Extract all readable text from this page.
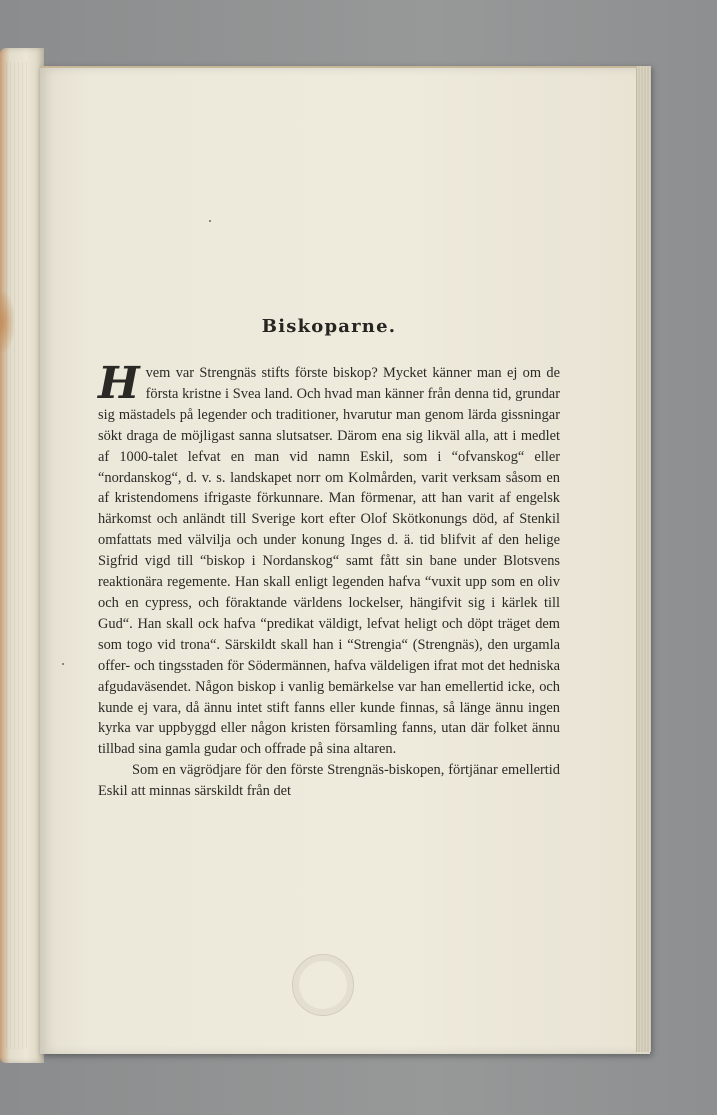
Biskoparne.

Hvem var Strengnäs stifts förste biskop? Mycket känner man ej om de första kristne i Svea land. Och hvad man känner från denna tid, grundar sig mästadels på legender och traditioner, hvarutur man genom lärda gissningar sökt draga de möjligast sanna slutsatser. Därom ena sig likväl alla, att i medlet af 1000-talet lefvat en man vid namn Eskil, som i “ofvanskog“ eller “nordanskog“, d. v. s. landskapet norr om Kolmården, varit verksam såsom en af kristendomens ifrigaste förkunnare. Man förmenar, att han varit af engelsk härkomst och anländt till Sverige kort efter Olof Skötkonungs död, af Stenkil omfattats med välvilja och under konung Inges d. ä. tid blifvit af den helige Sigfrid vigd till “biskop i Nordanskog“ samt fått sin bane under Blotsvens reaktionära regemente. Han skall enligt legenden hafva “vuxit upp som en oliv och en cypress, och föraktande världens lockelser, hängifvit sig i kärlek till Gud“. Han skall ock hafva “predikat väldigt, lefvat heligt och döpt träget dem som togo vid trona“. Särskildt skall han i “Strengia“ (Strengnäs), den urgamla offer- och tingsstaden för Södermännen, hafva väldeligen ifrat mot det hedniska afgudaväsendet. Någon biskop i vanlig bemärkelse var han emellertid icke, och kunde ej vara, då ännu intet stift fanns eller kunde finnas, så länge ännu ingen kyrka var uppbyggd eller någon kristen församling fanns, utan där folket ännu tillbad sina gamla gudar och offrade på sina altaren.

Som en vägrödjare för den förste Strengnäs-biskopen, förtjänar emellertid Eskil att minnas särskildt från det
